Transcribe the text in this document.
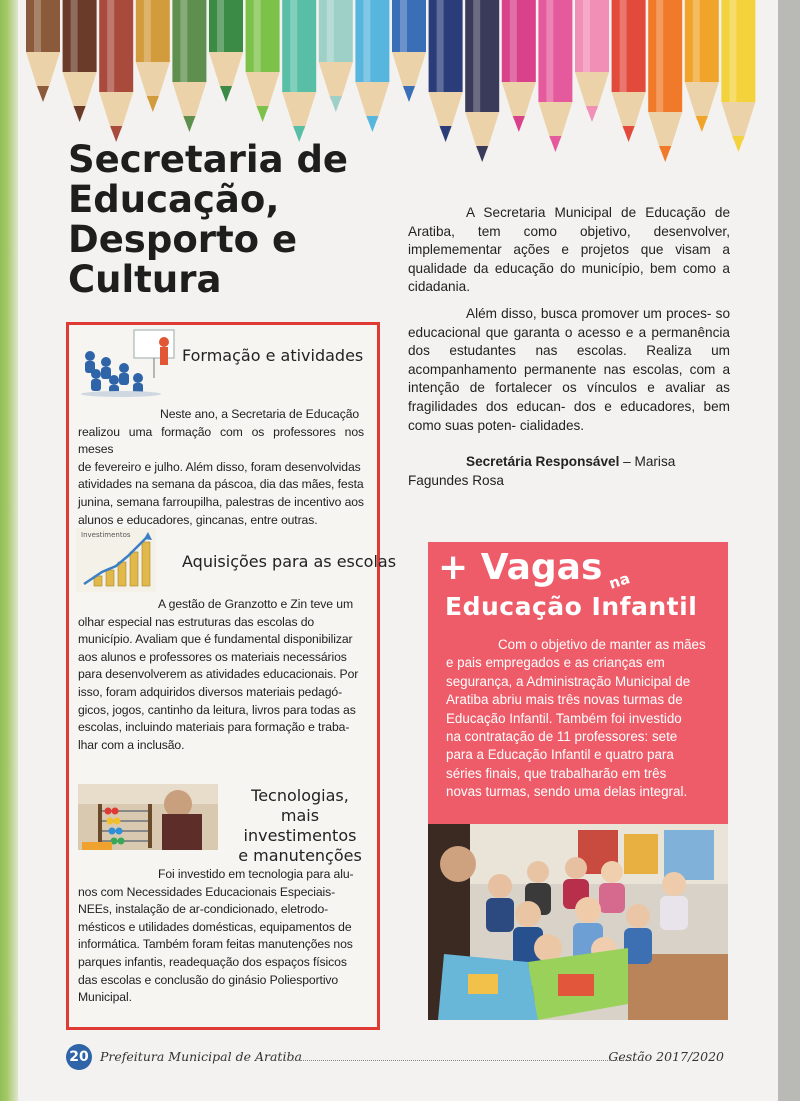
Secretaria de
Educação,
Desporto e
Cultura
Formação e atividades
Neste ano, a Secretaria de Educação
realizou uma formação com os professores nos meses
de fevereiro e julho. Além disso, foram desenvolvidas
atividades na semana da páscoa, dia das mães, festa
junina, semana farroupilha, palestras de incentivo aos
alunos e educadores, gincanas, entre outras.
Investimentos
Aquisições para as escolas
A gestão de Granzotto e Zin teve um
olhar especial nas estruturas das escolas do
município. Avaliam que é fundamental disponibilizar
aos alunos e professores os materiais necessários
para desenvolverem as atividades educacionais. Por
isso, foram adquiridos diversos materiais pedagó-
gicos, jogos, cantinho da leitura, livros para todas as
escolas, incluindo materiais para formação e traba-
lhar com a inclusão.
Tecnologias, mais
investimentos
e manutenções
Foi investido em tecnologia para alu-
nos com Necessidades Educacionais Especiais-
NEEs, instalação de ar-condicionado, eletrodo-
mésticos e utilidades domésticas, equipamentos de
informática. Também foram feitas manutenções nos
parques infantis, readequação dos espaços físicos
das escolas e conclusão do ginásio Poliesportivo
Municipal.

A Secretaria Municipal de Educação de Aratiba, tem como objetivo, desenvolver, implemementar ações e projetos que visam a qualidade da educação do município, bem como a cidadania.

Além disso, busca promover um proces- so educacional que garanta o acesso e a permanência dos estudantes nas escolas. Realiza um acompanhamento permanente nas escolas, com a intenção de fortalecer os vínculos e avaliar as fragilidades dos educan- dos e educadores, bem como suas poten- cialidades.

Secretária Responsável – Marisa
Fagundes Rosa

+ Vagas na
Educação Infantil
Com o objetivo de manter as mães
e pais empregados e as crianças em
segurança, a Administração Municipal de
Aratiba abriu mais três novas turmas de
Educação Infantil. Também foi investido
na contratação de 11 professores: sete
para a Educação Infantil e quatro para
séries finais, que trabalharão em três
novas turmas, sendo uma delas integral.
20 Prefeitura Municipal de Aratiba	Gestão 2017/2020
